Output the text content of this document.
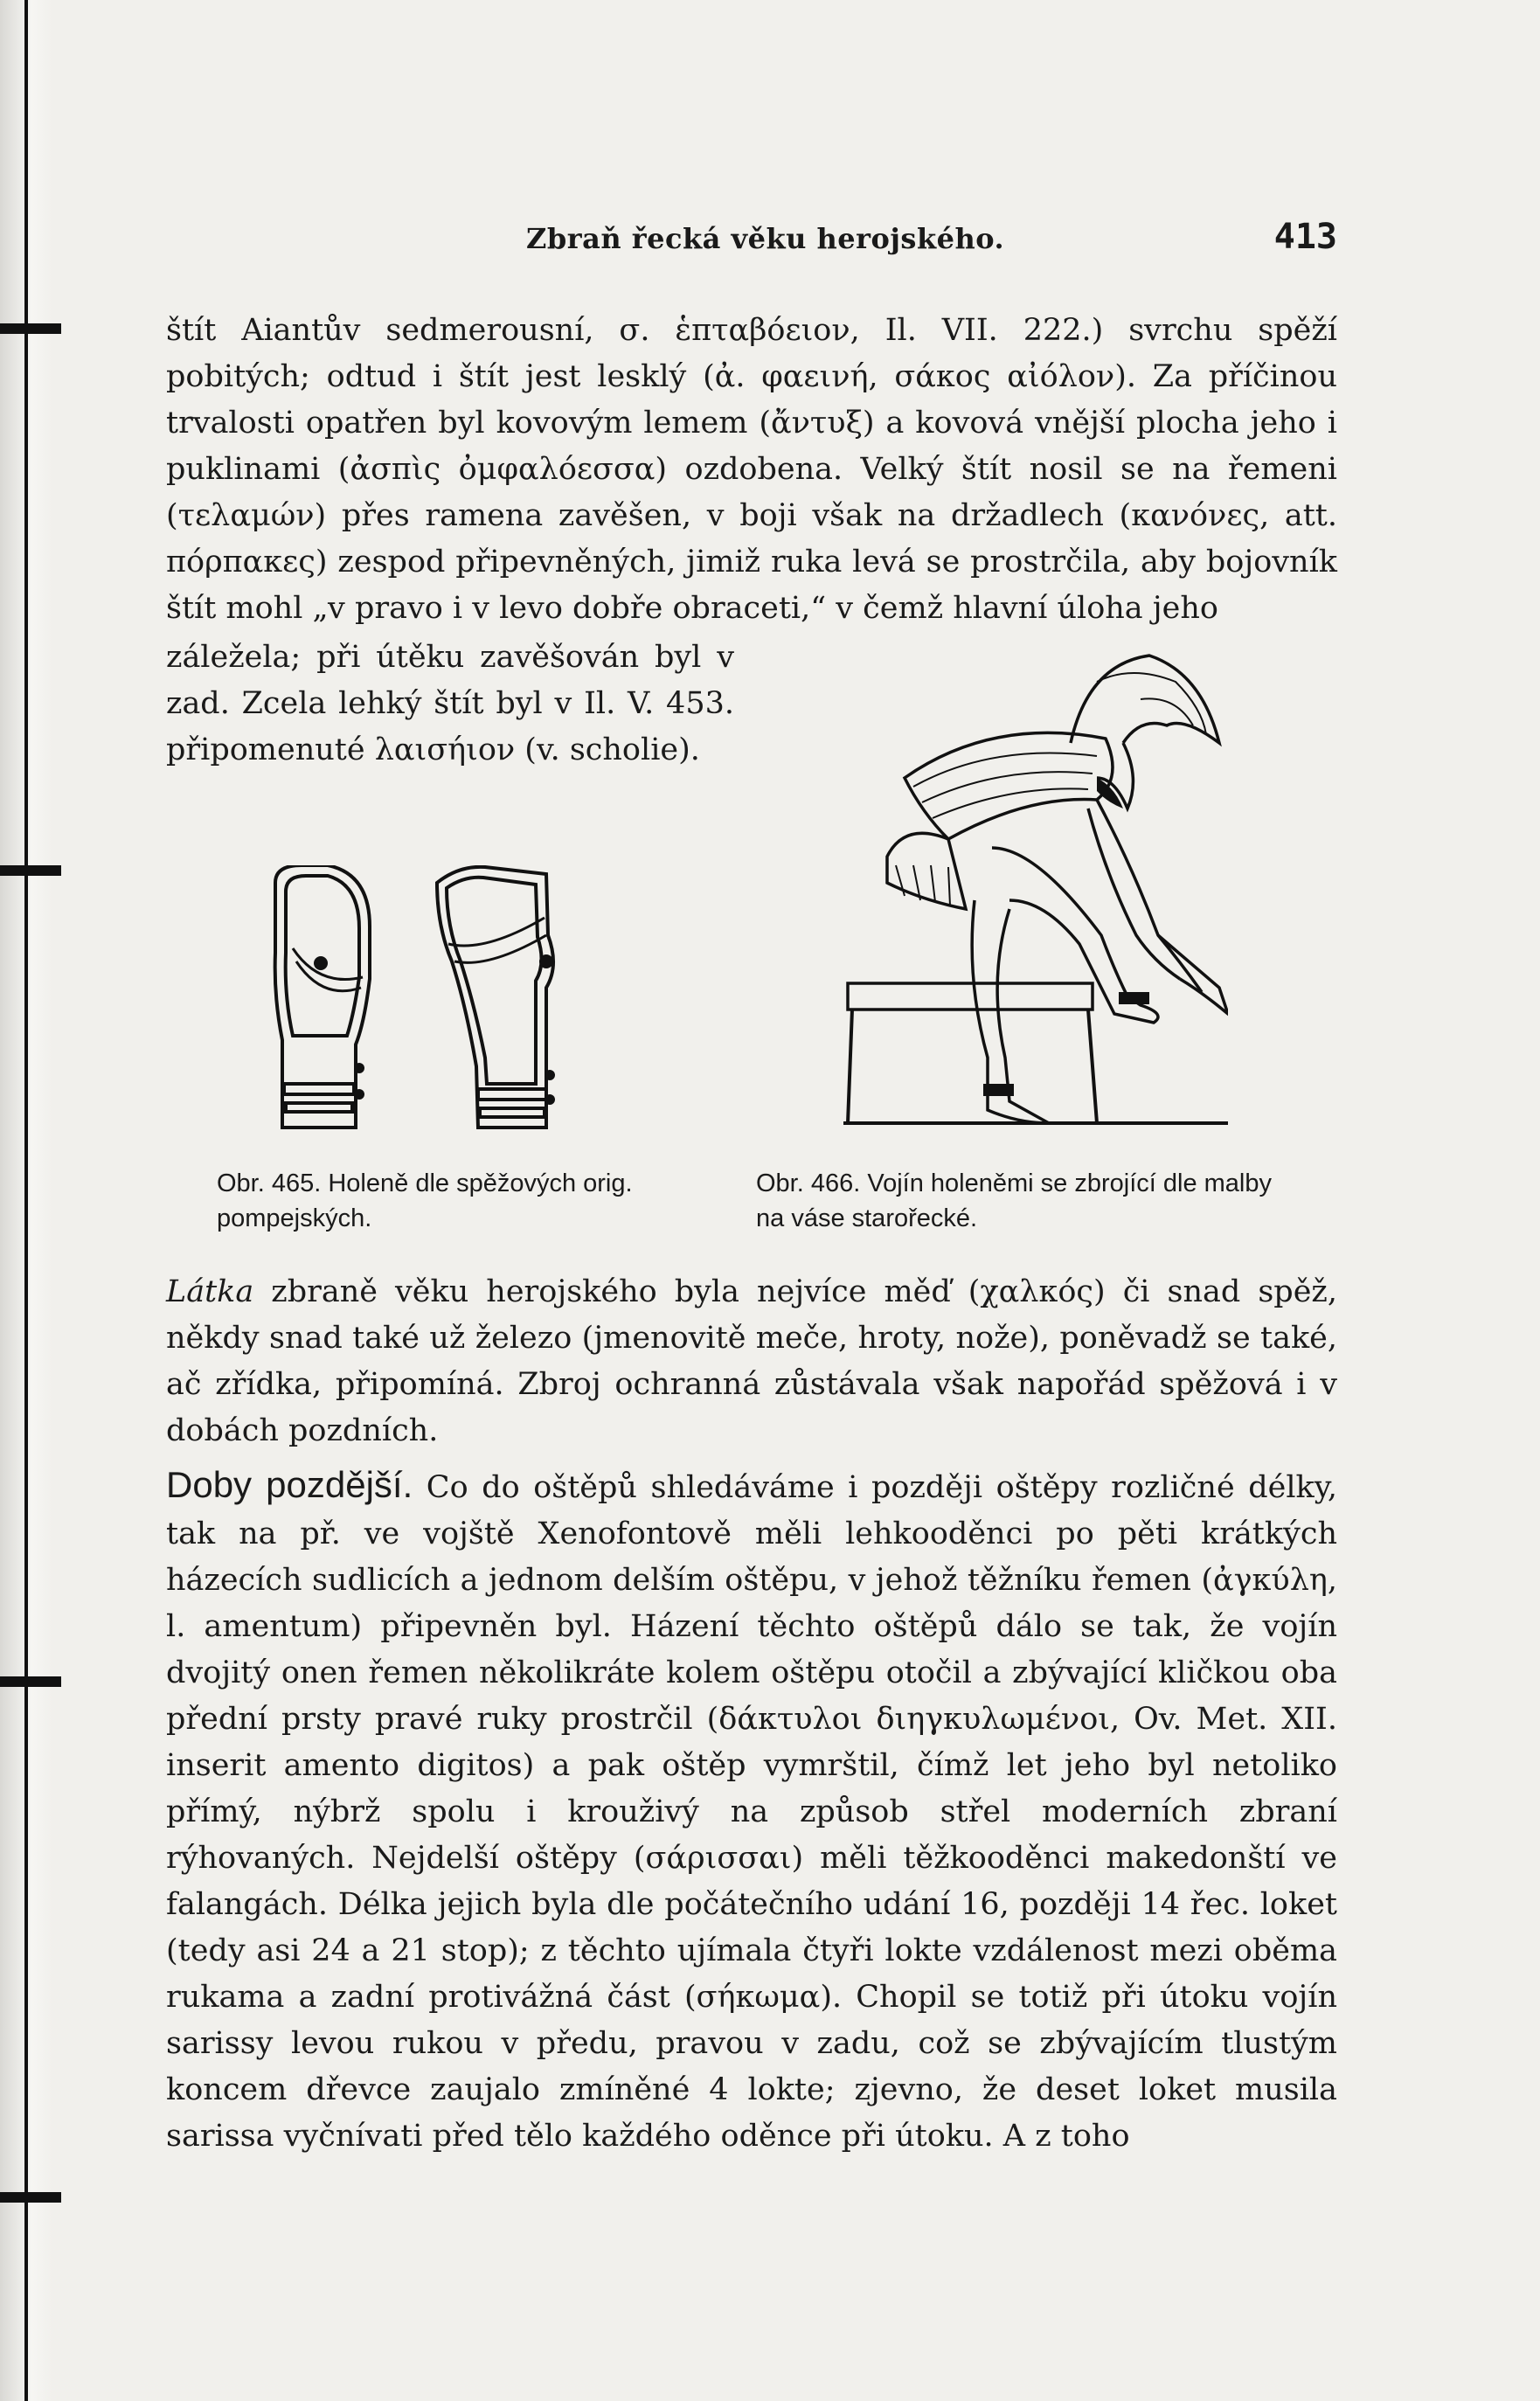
Zbraň řecká věku herojského.	413

štít Aiantův sedmerousní, σ. ἑπταβόειον, Il. VII. 222.) svrchu spěží pobitých; odtud i štít jest lesklý (ἀ. φαεινή, σάκος αἰόλον). Za příčinou trvalosti opatřen byl kovovým lemem (ἄντυξ) a kovová vnější plocha jeho i puklinami (ἀσπὶς ὀμφαλόεσσα) ozdobena. Velký štít nosil se na řemeni (τελαμών) přes ramena zavěšen, v boji však na držadlech (κανόνες, att. πόρπακες) zespod připevněných, jimiž ruka levá se prostrčila, aby bojovník štít mohl „v pravo i v levo dobře obraceti,“ v čemž hlavní úloha jeho

záležela; při útěku zavěšován byl v zad. Zcela lehký štít byl v Il. V. 453. připomenuté λαισήιον (v. scholie).

Obr. 465. Holeně dle spěžových orig. pompejských.

Obr. 466. Vojín holeněmi se zbrojící dle malby na váse starořecké.

Látka zbraně věku herojského byla nejvíce měď (χαλκός) či snad spěž, někdy snad také už železo (jmenovitě meče, hroty, nože), poněvadž se také, ač zřídka, připomíná. Zbroj ochranná zůstávala však napořád spěžová i v dobách pozdních.

Doby pozdější. Co do oštěpů shledáváme i později oštěpy rozličné délky, tak na př. ve vojště Xenofontově měli lehkooděnci po pěti krátkých házecích sudlicích a jednom delším oštěpu, v jehož těžníku řemen (ἀγκύλη, l. amentum) připevněn byl. Házení těchto oštěpů dálo se tak, že vojín dvojitý onen řemen několikráte kolem oštěpu otočil a zbývající kličkou oba přední prsty pravé ruky prostrčil (δάκτυλοι διηγκυλωμένοι, Ov. Met. XII. inserit amento digitos) a pak oštěp vymrštil, čímž let jeho byl netoliko přímý, nýbrž spolu i krouživý na způsob střel moderních zbraní rýhovaných. Nejdelší oštěpy (σάρισσαι) měli těžkooděnci makedonští ve falangách. Délka jejich byla dle počátečního udání 16, později 14 řec. loket (tedy asi 24 a 21 stop); z těchto ujímala čtyři lokte vzdálenost mezi oběma rukama a zadní protivážná část (σήκωμα). Chopil se totiž při útoku vojín sarissy levou rukou v předu, pravou v zadu, což se zbývajícím tlustým koncem dřevce zaujalo zmíněné 4 lokte; zjevno, že deset loket musila sarissa vyčnívati před tělo každého oděnce při útoku. A z toho
